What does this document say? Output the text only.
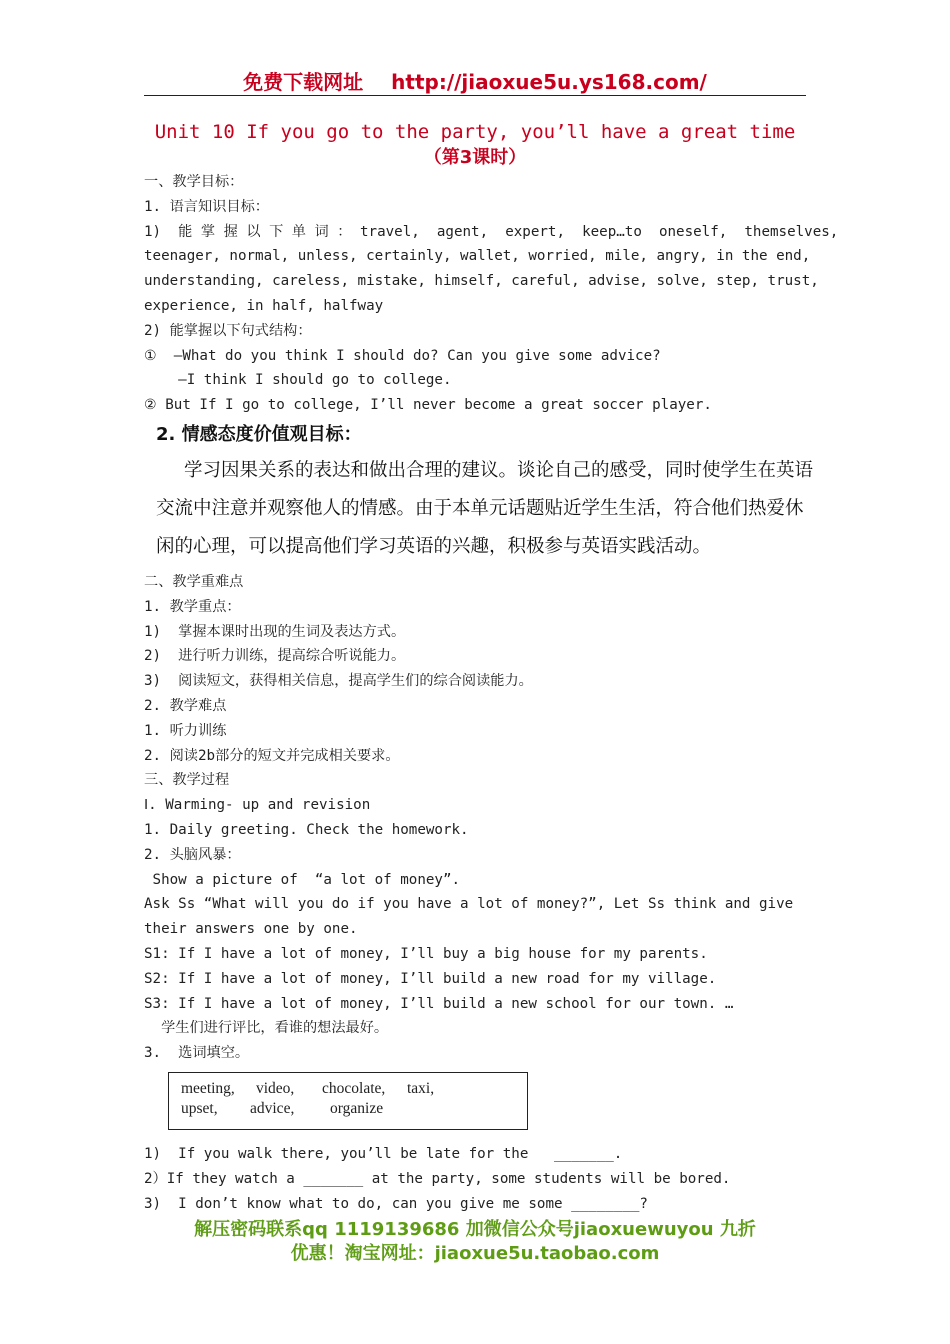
免费下载网址 http://jiaoxue5u.ys168.com/
Unit 10 If you go to the party, you’ll have a great time
（第3课时）
一、教学目标：
1. 语言知识目标：
1)  能 掌 握 以 下 单 词 ： travel,  agent,  expert,  keep…to  oneself,  themselves,
teenager, normal, unless, certainly, wallet, worried, mile, angry, in the end,
understanding, careless, mistake, himself, careful, advise, solve, step, trust,
experience, in half, halfway
2) 能掌握以下句式结构：
①  —What do you think I should do? Can you give some advice?
—I think I should go to college.
② But If I go to college, I’ll never become a great soccer player.
2. 情感态度价值观目标：
学习因果关系的表达和做出合理的建议。谈论自己的感受，同时使学生在英语
交流中注意并观察他人的情感。由于本单元话题贴近学生生活，符合他们热爱休
闲的心理，可以提高他们学习英语的兴趣，积极参与英语实践活动。
二、教学重难点
1. 教学重点：
1)  掌握本课时出现的生词及表达方式。
2)  进行听力训练，提高综合听说能力。
3)  阅读短文，获得相关信息，提高学生们的综合阅读能力。
2. 教学难点
1. 听力训练
2. 阅读2b部分的短文并完成相关要求。
三、教学过程
Ⅰ. Warming- up and revision
1. Daily greeting. Check the homework.
2. 头脑风暴：
Show a picture of  “a lot of money”.
Ask Ss “What will you do if you have a lot of money?”, Let Ss think and give
their answers one by one.
S1: If I have a lot of money, I’ll buy a big house for my parents.
S2: If I have a lot of money, I’ll build a new road for my village.
S3: If I have a lot of money, I’ll build a new school for our town. …
学生们进行评比，看谁的想法最好。
3.  选词填空。
meeting, video, chocolate, taxi,
upset, advice, organize
1)  If you walk there, you’ll be late for the   _______.
2）If they watch a _______ at the party, some students will be bored.
3)  I don’t know what to do, can you give me some ________?
解压密码联系qq 1119139686 加微信公众号jiaoxuewuyou 九折
优惠！淘宝网址：jiaoxue5u.taobao.com
